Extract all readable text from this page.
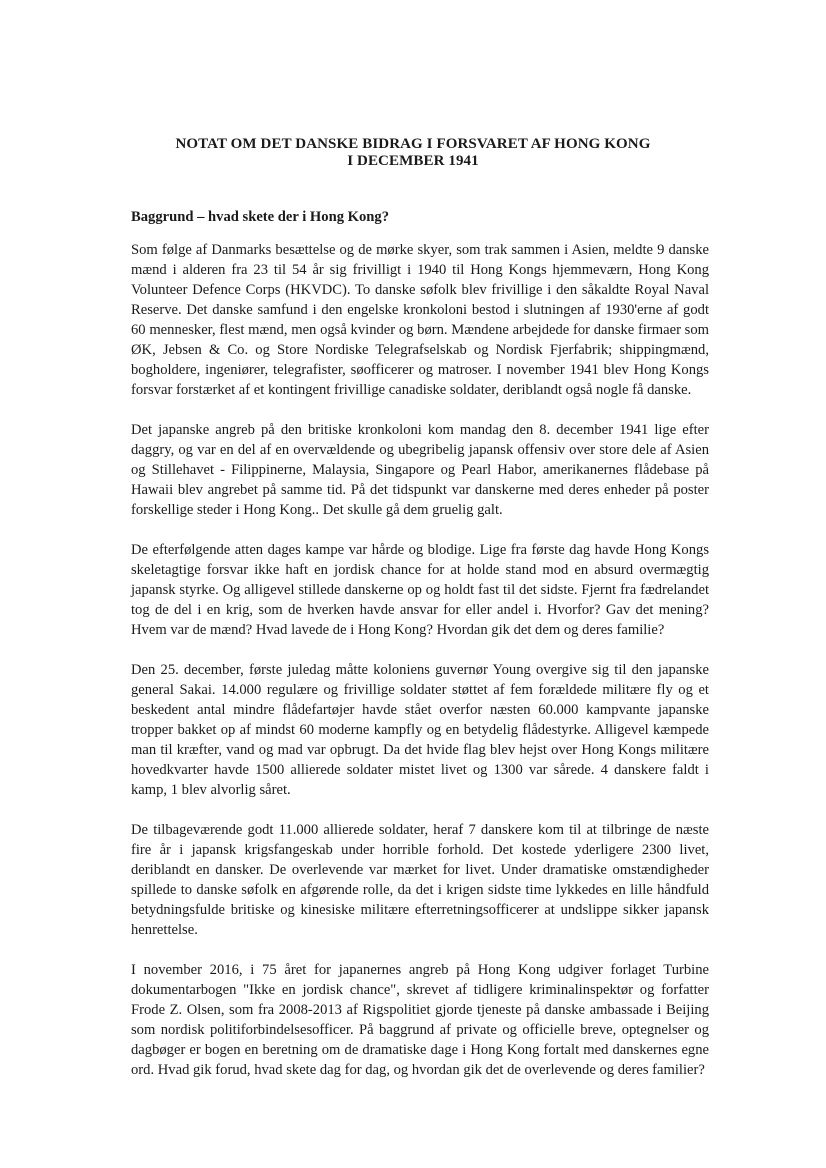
NOTAT OM DET DANSKE BIDRAG I FORSVARET AF HONG KONG
I DECEMBER 1941
Baggrund – hvad skete der i Hong Kong?

Som følge af Danmarks besættelse og de mørke skyer, som trak sammen i Asien, meldte 9 danske mænd i alderen fra 23 til 54 år sig frivilligt i 1940 til Hong Kongs hjemmeværn, Hong Kong Volunteer Defence Corps (HKVDC). To danske søfolk blev frivillige i den såkaldte Royal Naval Reserve. Det danske samfund i den engelske kronkoloni bestod i slutningen af 1930'erne af godt 60 mennesker, flest mænd, men også kvinder og børn. Mændene arbejdede for danske firmaer som ØK, Jebsen & Co. og Store Nordiske Telegrafselskab og Nordisk Fjerfabrik; shippingmænd, bogholdere, ingeniører, telegrafister, søofficerer og matroser. I november 1941 blev Hong Kongs forsvar forstærket af et kontingent frivillige canadiske soldater, deriblandt også nogle få danske.

Det japanske angreb på den britiske kronkoloni kom mandag den 8. december 1941 lige efter daggry, og var en del af en overvældende og ubegribelig japansk offensiv over store dele af Asien og Stillehavet - Filippinerne, Malaysia, Singapore og Pearl Habor, amerikanernes flådebase på Hawaii blev angrebet på samme tid. På det tidspunkt var danskerne med deres enheder på poster forskellige steder i Hong Kong.. Det skulle gå dem gruelig galt.

De efterfølgende atten dages kampe var hårde og blodige. Lige fra første dag havde Hong Kongs skeletagtige forsvar ikke haft en jordisk chance for at holde stand mod en absurd overmægtig japansk styrke. Og alligevel stillede danskerne op og holdt fast til det sidste. Fjernt fra fædrelandet tog de del i en krig, som de hverken havde ansvar for eller andel i. Hvorfor? Gav det mening? Hvem var de mænd? Hvad lavede de i Hong Kong? Hvordan gik det dem og deres familie?

Den 25. december, første juledag måtte koloniens guvernør Young overgive sig til den japanske general Sakai. 14.000 regulære og frivillige soldater støttet af fem forældede militære fly og et beskedent antal mindre flådefartøjer havde stået overfor næsten 60.000 kampvante japanske tropper bakket op af mindst 60 moderne kampfly og en betydelig flådestyrke. Alligevel kæmpede man til kræfter, vand og mad var opbrugt. Da det hvide flag blev hejst over Hong Kongs militære hovedkvarter havde 1500 allierede soldater mistet livet og 1300 var sårede. 4 danskere faldt i kamp, 1 blev alvorlig såret.

De tilbageværende godt 11.000 allierede soldater, heraf 7 danskere kom til at tilbringe de næste fire år i japansk krigsfangeskab under horrible forhold. Det kostede yderligere 2300 livet, deriblandt en dansker. De overlevende var mærket for livet. Under dramatiske omstændigheder spillede to danske søfolk en afgørende rolle, da det i krigen sidste time lykkedes en lille håndfuld betydningsfulde britiske og kinesiske militære efterretningsofficerer at undslippe sikker japansk henrettelse.

I november 2016, i 75 året for japanernes angreb på Hong Kong udgiver forlaget Turbine dokumentarbogen "Ikke en jordisk chance", skrevet af tidligere kriminalinspektør og forfatter Frode Z. Olsen, som fra 2008-2013 af Rigspolitiet gjorde tjeneste på danske ambassade i Beijing som nordisk politiforbindelsesofficer. På baggrund af private og officielle breve, optegnelser og dagbøger er bogen en beretning om de dramatiske dage i Hong Kong fortalt med danskernes egne ord. Hvad gik forud, hvad skete dag for dag, og hvordan gik det de overlevende og deres familier?
